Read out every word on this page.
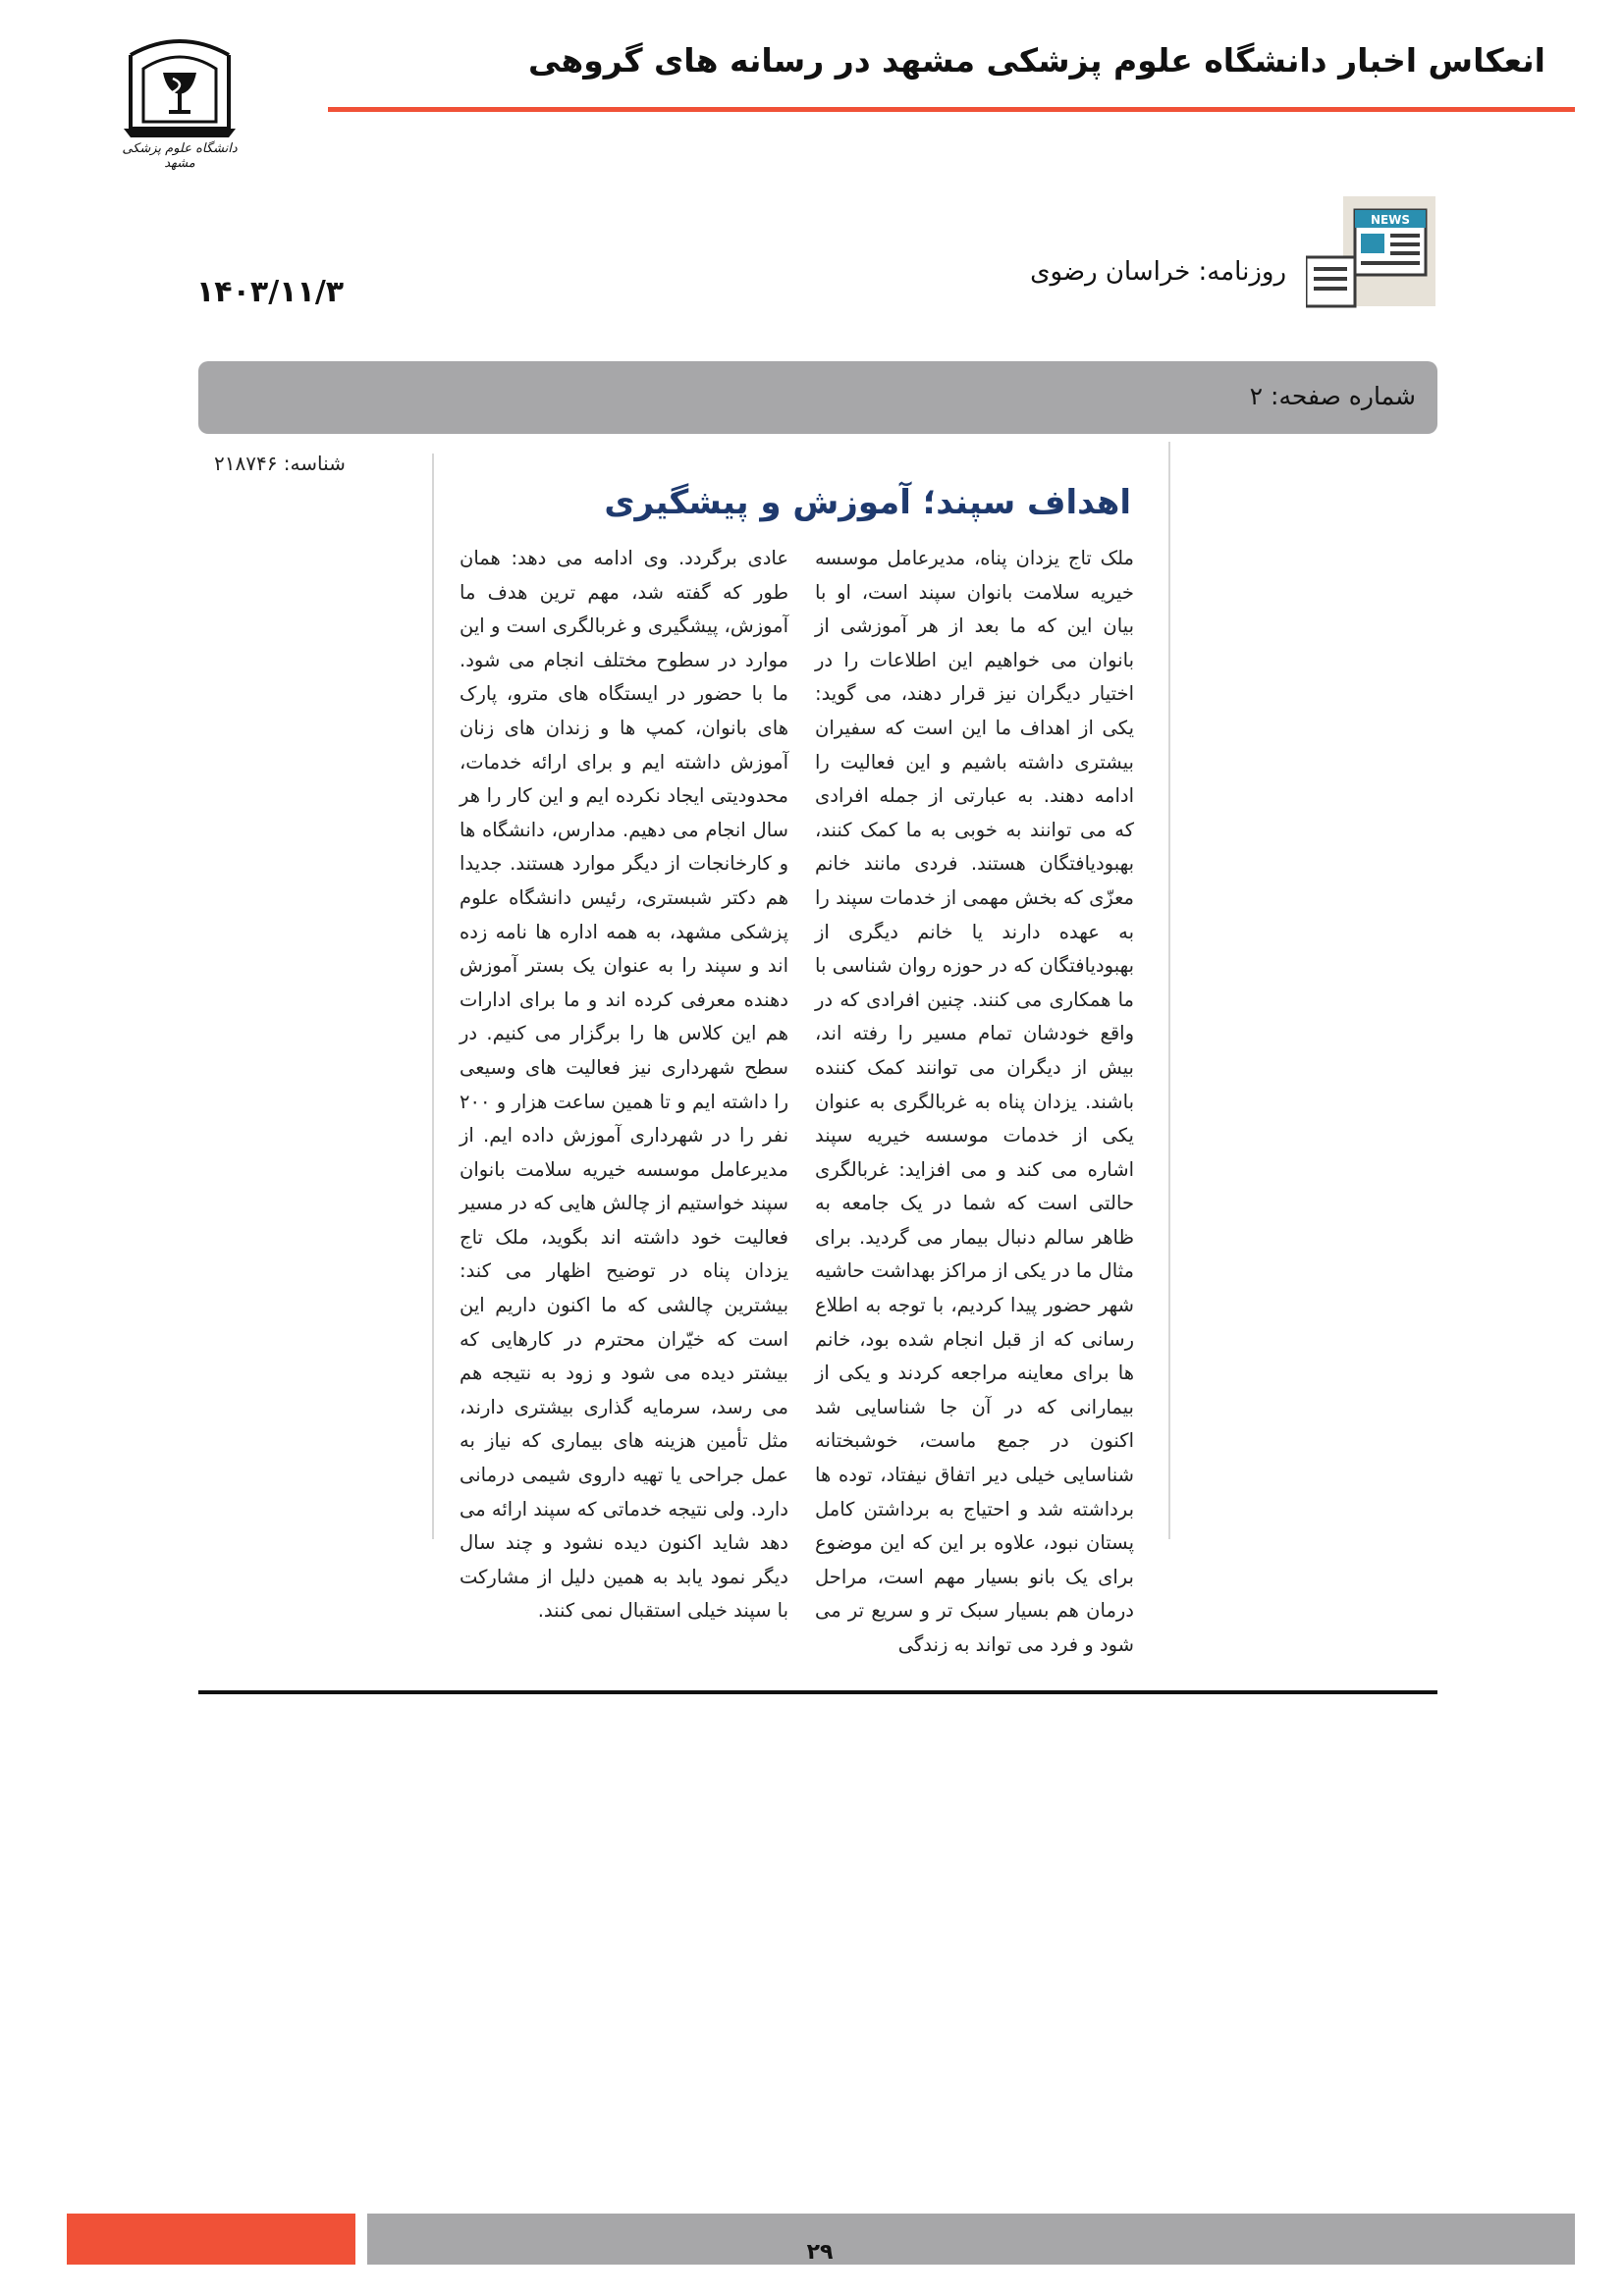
انعکاس اخبار دانشگاه علوم پزشکی مشهد در رسانه های گروهی
دانشگاه علوم پزشکی مشهد
NEWS
روزنامه: خراسان رضوی
۱۴۰۳/۱۱/۳
شماره صفحه: ۲
شناسه: ۲۱۸۷۴۶
اهداف سپند؛ آموزش و پیشگیری
ملک تاج یزدان پناه، مدیرعامل موسسه خیریه سلامت بانوان سپند است، او با بیان این که ما بعد از هر آموزشی از بانوان می خواهیم این اطلاعات را در اختیار دیگران نیز قرار دهند، می گوید: یکی از اهداف ما این است که سفیران بیشتری داشته باشیم و این فعالیت را ادامه دهند. به عبارتی از جمله افرادی که می توانند به خوبی به ما کمک کنند، بهبودیافتگان هستند. فردی مانند خانم معزّی که بخش مهمی از خدمات سپند را به عهده دارند یا خانم دیگری از بهبودیافتگان که در حوزه روان شناسی با ما همکاری می کنند. چنین افرادی که در واقع خودشان تمام مسیر را رفته اند، بیش از دیگران می توانند کمک کننده باشند. یزدان پناه به غربالگری به عنوان یکی از خدمات موسسه خیریه سپند اشاره می کند و می افزاید: غربالگری حالتی است که شما در یک جامعه به ظاهر سالم دنبال بیمار می گردید. برای مثال ما در یکی از مراکز بهداشت حاشیه شهر حضور پیدا کردیم، با توجه به اطلاع رسانی که از قبل انجام شده بود، خانم ها برای معاینه مراجعه کردند و یکی از بیمارانی که در آن جا شناسایی شد اکنون در جمع ماست، خوشبختانه شناسایی خیلی دیر اتفاق نیفتاد، توده ها برداشته شد و احتیاج به برداشتن کامل پستان نبود، علاوه بر این که این موضوع برای یک بانو بسیار مهم است، مراحل درمان هم بسیار سبک تر و سریع تر می شود و فرد می تواند به زندگی
عادی برگردد. وی ادامه می دهد: همان طور که گفته شد، مهم ترین هدف ما آموزش، پیشگیری و غربالگری است و این موارد در سطوح مختلف انجام می شود. ما با حضور در ایستگاه های مترو، پارک های بانوان، کمپ ها و زندان های زنان آموزش داشته ایم و برای ارائه خدمات، محدودیتی ایجاد نکرده ایم و این کار را هر سال انجام می دهیم. مدارس، دانشگاه ها و کارخانجات از دیگر موارد هستند. جدیدا هم دکتر شبستری، رئیس دانشگاه علوم پزشکی مشهد، به همه اداره ها نامه زده اند و سپند را به عنوان یک بستر آموزش دهنده معرفی کرده اند و ما برای ادارات هم این کلاس ها را برگزار می کنیم. در سطح شهرداری نیز فعالیت های وسیعی را داشته ایم و تا همین ساعت هزار و ۲۰۰ نفر را در شهرداری آموزش داده ایم. از مدیرعامل موسسه خیریه سلامت بانوان سپند خواستیم از چالش هایی که در مسیر فعالیت خود داشته اند بگوید، ملک تاج یزدان پناه در توضیح اظهار می کند: بیشترین چالشی که ما اکنون داریم این است که خیّران محترم در کارهایی که بیشتر دیده می شود و زود به نتیجه هم می رسد، سرمایه گذاری بیشتری دارند، مثل تأمین هزینه های بیماری که نیاز به عمل جراحی یا تهیه داروی شیمی درمانی دارد. ولی نتیجه خدماتی که سپند ارائه می دهد شاید اکنون دیده نشود و چند سال دیگر نمود یابد به همین دلیل از مشارکت با سپند خیلی استقبال نمی کنند.
۲۹
